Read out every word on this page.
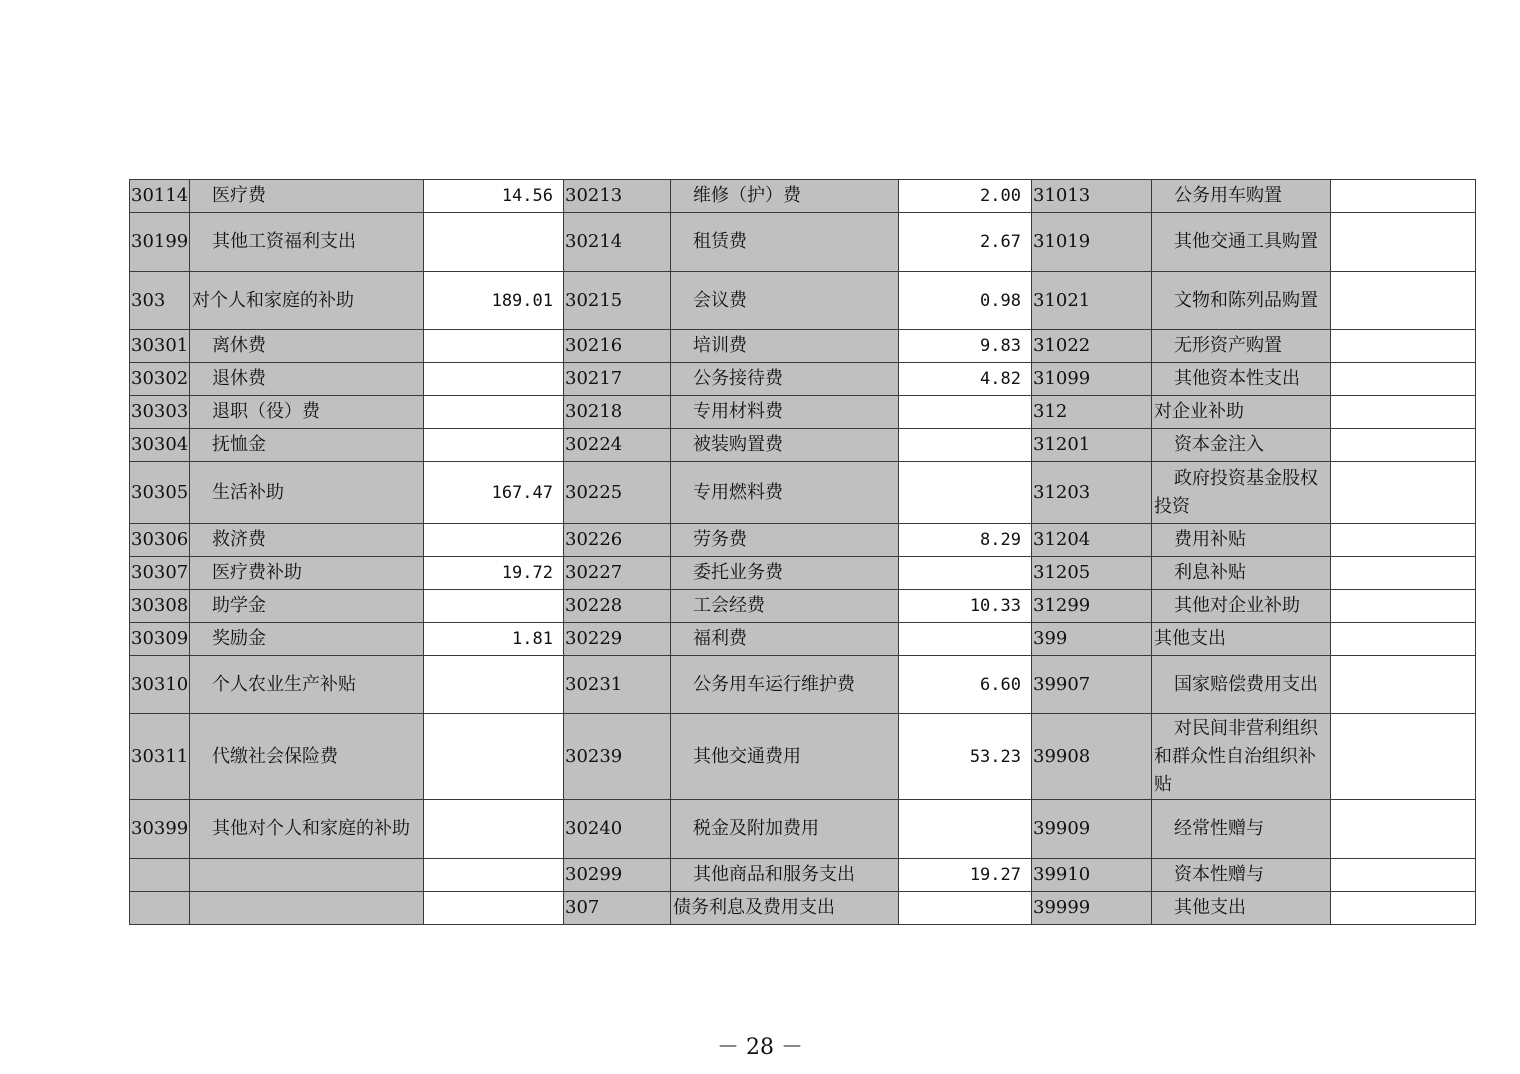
30114	医疗费	14.56	30213	维修（护）费	2.00	31013	公务用车购置	
30199	其他工资福利支出		30214	租赁费	2.67	31019	其他交通工具购置	
303	对个人和家庭的补助	189.01	30215	会议费	0.98	31021	文物和陈列品购置	
30301	离休费		30216	培训费	9.83	31022	无形资产购置	
30302	退休费		30217	公务接待费	4.82	31099	其他资本性支出	
30303	退职（役）费		30218	专用材料费		312	对企业补助	
30304	抚恤金		30224	被装购置费		31201	资本金注入	
30305	生活补助	167.47	30225	专用燃料费		31203	政府投资基金股权投资	
30306	救济费		30226	劳务费	8.29	31204	费用补贴	
30307	医疗费补助	19.72	30227	委托业务费		31205	利息补贴	
30308	助学金		30228	工会经费	10.33	31299	其他对企业补助	
30309	奖励金	1.81	30229	福利费		399	其他支出	
30310	个人农业生产补贴		30231	公务用车运行维护费	6.60	39907	国家赔偿费用支出	
30311	代缴社会保险费		30239	其他交通费用	53.23	39908	对民间非营利组织和群众性自治组织补贴	
30399	其他对个人和家庭的补助		30240	税金及附加费用		39909	经常性赠与	
			30299	其他商品和服务支出	19.27	39910	资本性赠与	
			307	债务利息及费用支出		39999	其他支出	
－ 28 －
